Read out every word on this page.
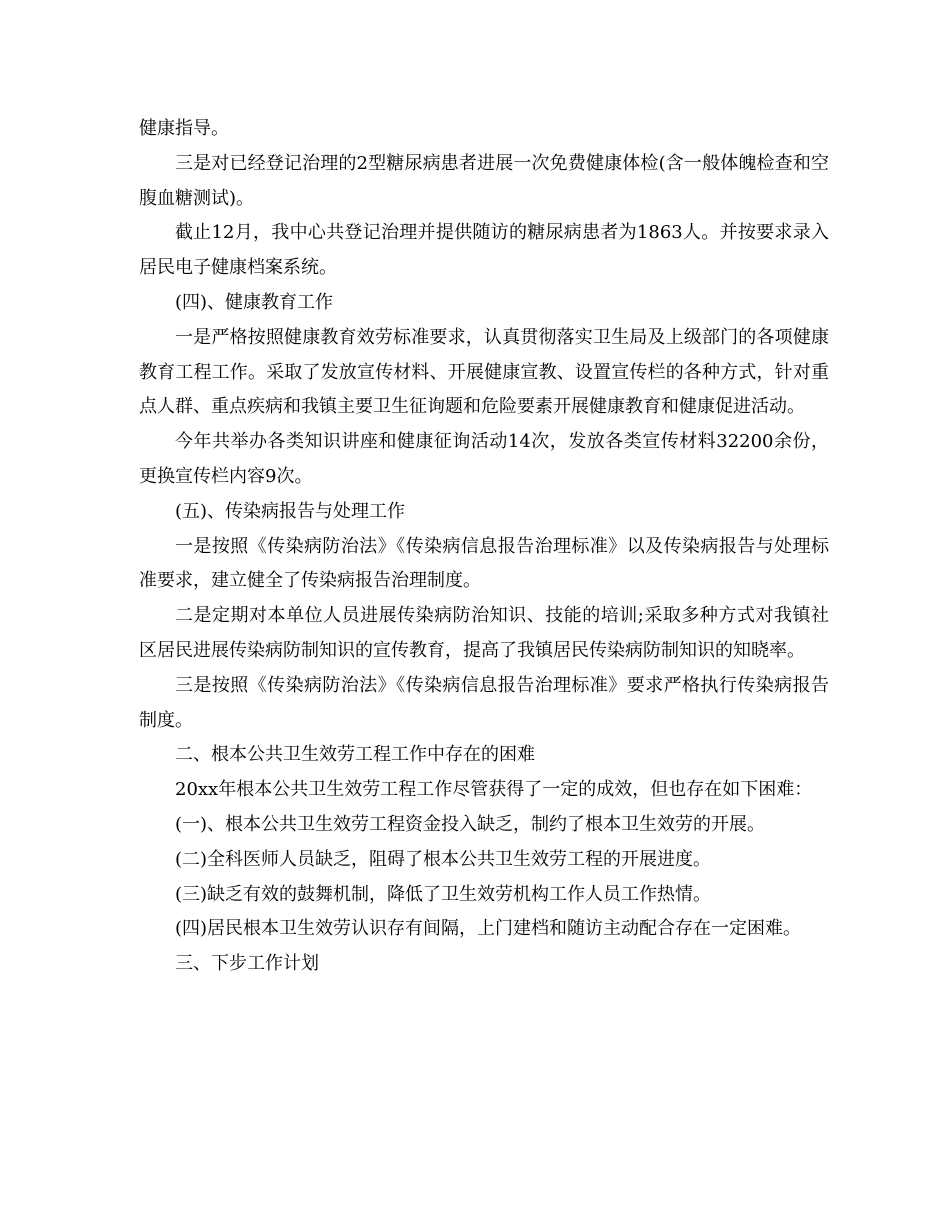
健康指导。

三是对已经登记治理的2型糖尿病患者进展一次免费健康体检(含一般体魄检查和空腹血糖测试)。

截止12月，我中心共登记治理并提供随访的糖尿病患者为1863人。并按要求录入居民电子健康档案系统。

(四)、健康教育工作

一是严格按照健康教育效劳标准要求，认真贯彻落实卫生局及上级部门的各项健康教育工程工作。采取了发放宣传材料、开展健康宣教、设置宣传栏的各种方式，针对重点人群、重点疾病和我镇主要卫生征询题和危险要素开展健康教育和健康促进活动。

今年共举办各类知识讲座和健康征询活动14次，发放各类宣传材料32200余份，更换宣传栏内容9次。

(五)、传染病报告与处理工作

一是按照《传染病防治法》《传染病信息报告治理标准》以及传染病报告与处理标准要求，建立健全了传染病报告治理制度。

二是定期对本单位人员进展传染病防治知识、技能的培训;采取多种方式对我镇社区居民进展传染病防制知识的宣传教育，提高了我镇居民传染病防制知识的知晓率。

三是按照《传染病防治法》《传染病信息报告治理标准》要求严格执行传染病报告制度。

二、根本公共卫生效劳工程工作中存在的困难

20xx年根本公共卫生效劳工程工作尽管获得了一定的成效，但也存在如下困难：

(一)、根本公共卫生效劳工程资金投入缺乏，制约了根本卫生效劳的开展。

(二)全科医师人员缺乏，阻碍了根本公共卫生效劳工程的开展进度。

(三)缺乏有效的鼓舞机制，降低了卫生效劳机构工作人员工作热情。

(四)居民根本卫生效劳认识存有间隔，上门建档和随访主动配合存在一定困难。

三、下步工作计划
